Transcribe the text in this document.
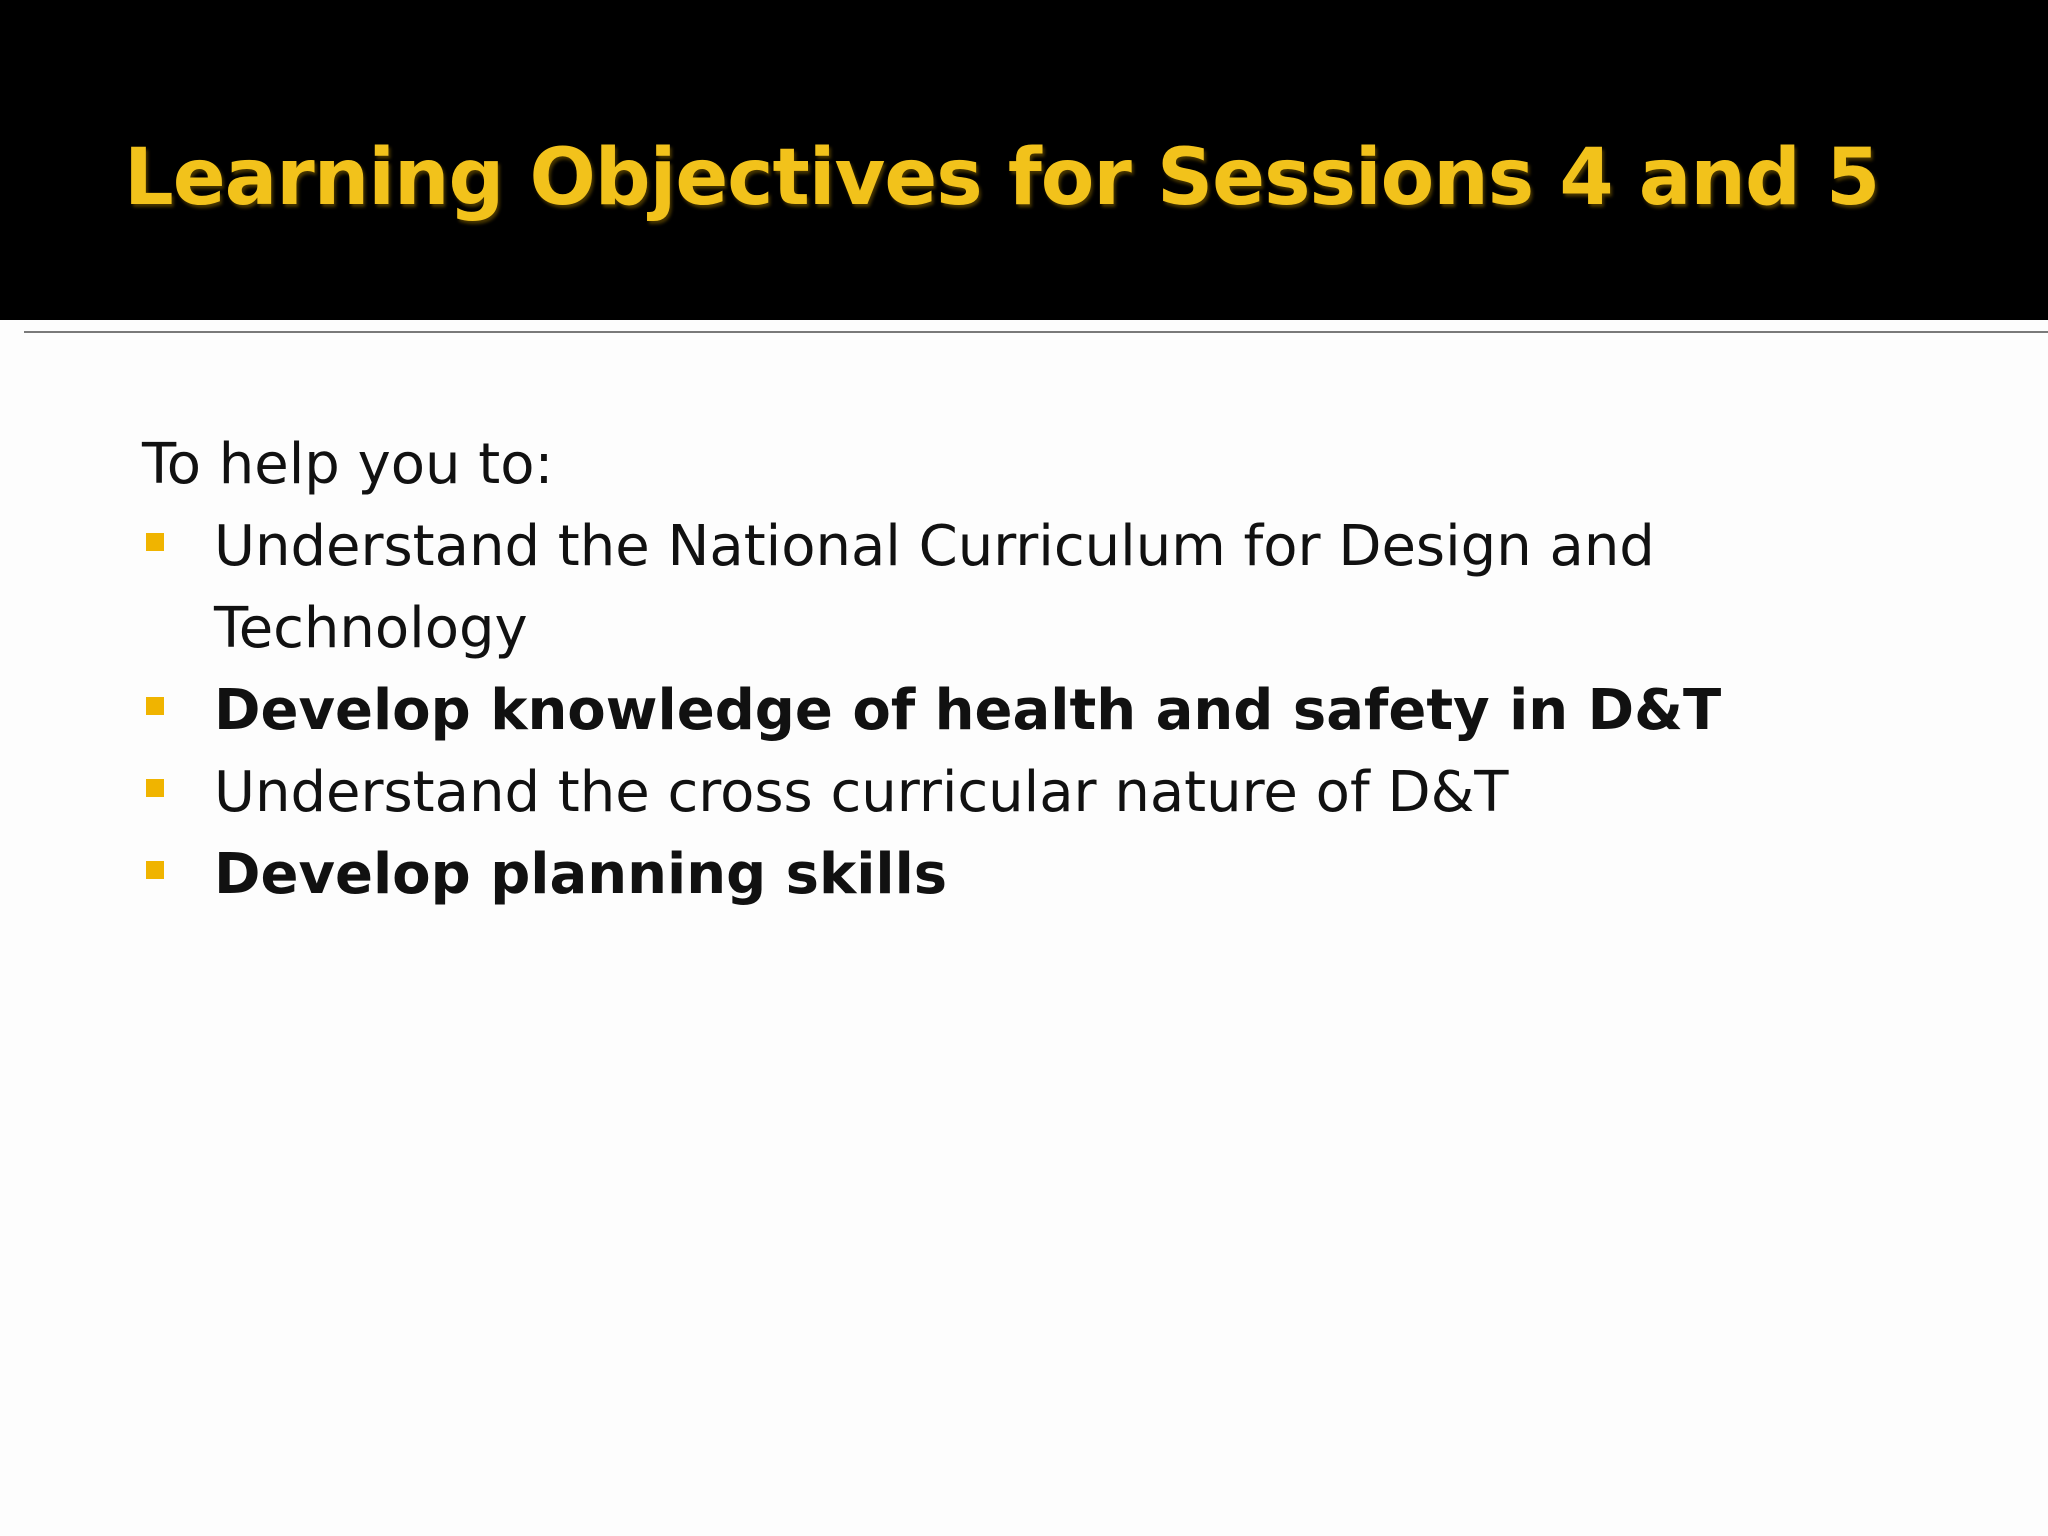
Learning Objectives for Sessions 4 and 5

To help you to:

Understand the National Curriculum for Design and Technology
Develop knowledge of health and safety in D&T
Understand the cross curricular nature of D&T
Develop planning skills
